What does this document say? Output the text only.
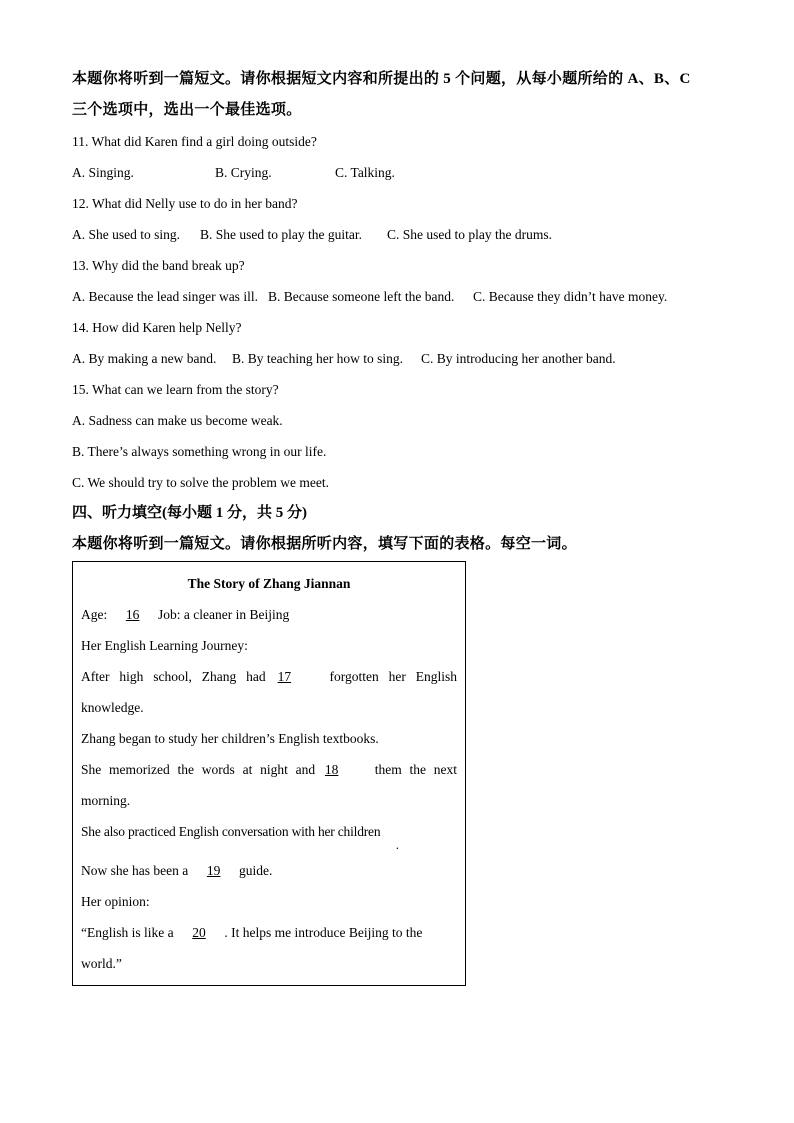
本题你将听到一篇短文。请你根据短文内容和所提出的 5 个问题，从每小题所给的 A、B、C

三个选项中，选出一个最佳选项。

11. What did Karen find a girl doing outside?

A. Singing.	B. Crying.	C. Talking.

12. What did Nelly use to do in her band?

A. She used to sing. B. She used to play the guitar. C. She used to play the drums.

13. Why did the band break up?

A. Because the lead singer was ill. B. Because someone left the band. C. Because they didn’t have money.

14. How did Karen help Nelly?

A. By making a new band. B. By teaching her how to sing. C. By introducing her another band.

15. What can we learn from the story?

A. Sadness can make us become weak.

B. There’s always something wrong in our life.

C. We should try to solve the problem we meet.

四、听力填空(每小题 1 分，共 5 分)

本题你将听到一篇短文。请你根据所听内容，填写下面的表格。每空一词。

The Story of Zhang Jiannan

Age: 16 Job: a cleaner in Beijing

Her English Learning Journey:

After high school, Zhang had 17	forgotten her English

knowledge.

Zhang began to study her children’s English textbooks.

She memorized the words at night and 18	them the next

morning.

She also practiced English conversation with her children

.

Now she has been a 19 guide.

Her opinion:

“English is like a 20 . It helps me introduce Beijing to the

world.”
